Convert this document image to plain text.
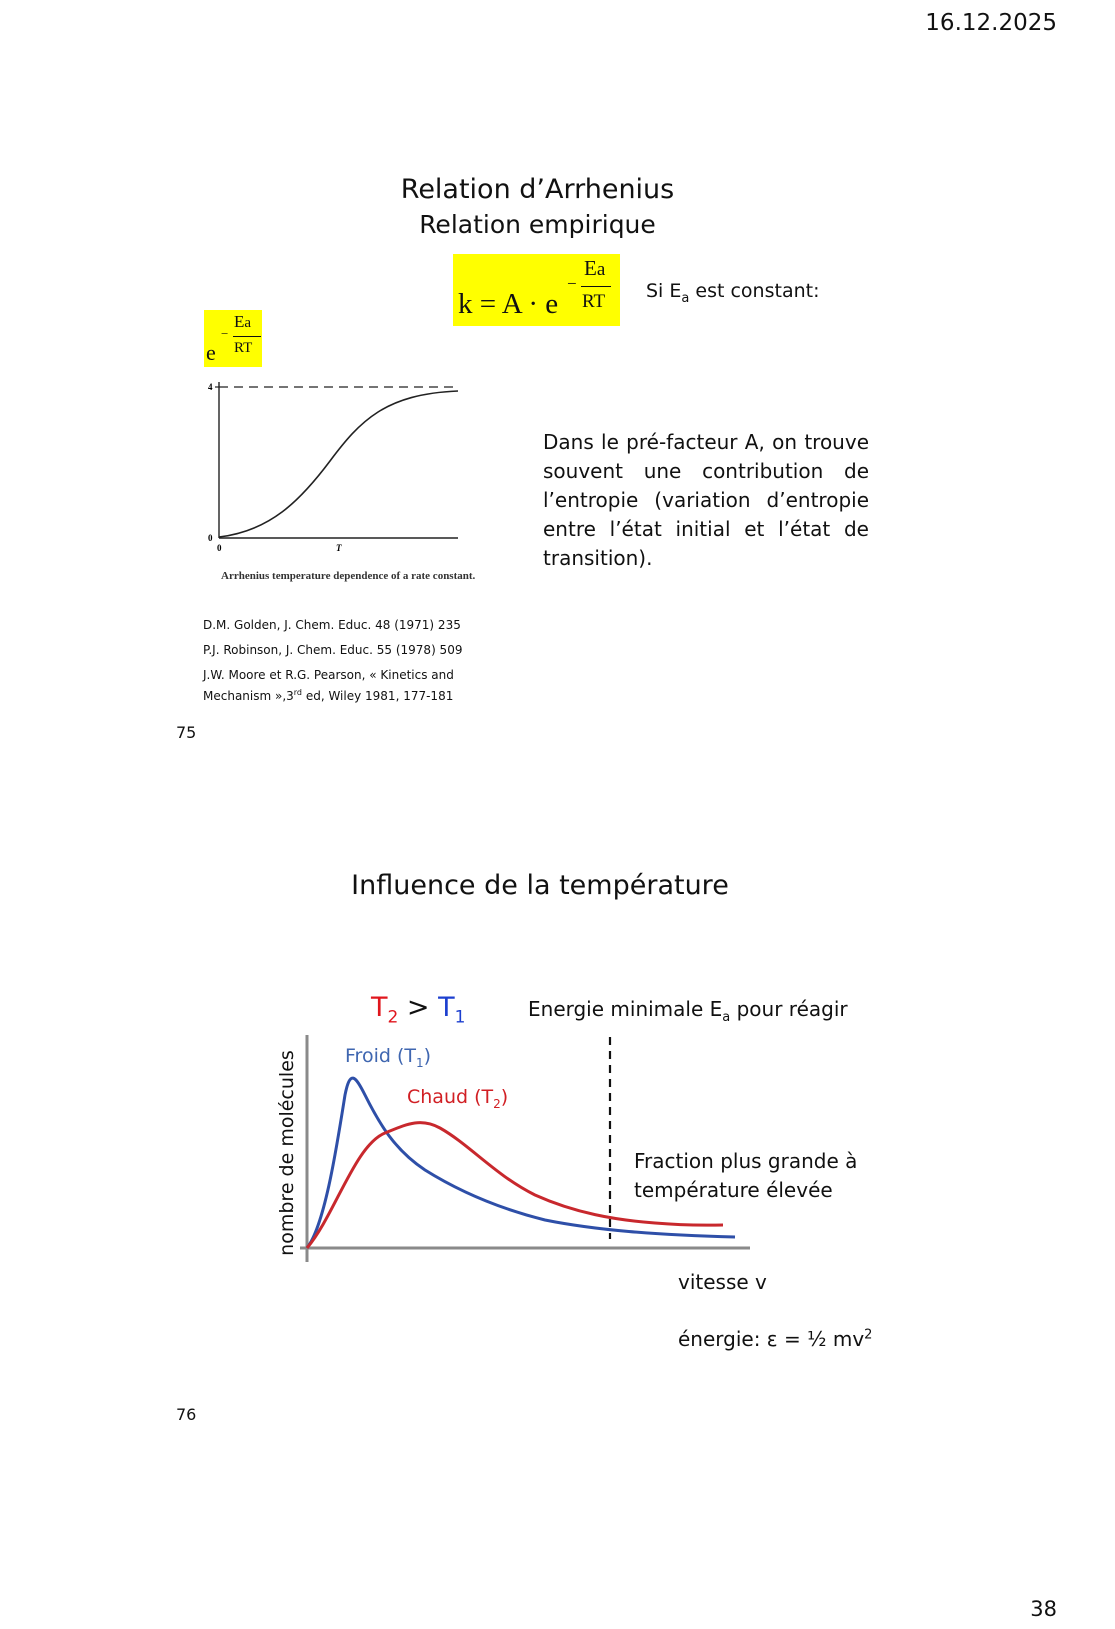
16.12.2025
38
Relation d’Arrhenius
Relation empirique
k = A · e
−
Ea
RT Si $E_a$ est constant:
e
−
Ea
RT
4
0
0	T
Arrhenius temperature dependence of a rate constant.
Dans le pré-facteur A, on trouve
souvent une contribution de
l’entropie (variation d’entropie
entre l’état initial et l’état de
transition).
D.M. Golden, J. Chem. Educ. 48 (1971) 235
P.J. Robinson, J. Chem. Educ. 55 (1978) 509
J.W. Moore et R.G. Pearson, « Kinetics and
Mechanism »,3rd ed, Wiley 1981, 177-181
75
Influence de la température
$T_2 > T_1$	Energie minimale $E_a$ pour réagir
Froid $(T_1)$
Chaud $(T_2)$
Fraction plus grande à
température élevée
nombre de molécules
vitesse v
énergie: ε = ½ $mv^2$
76
